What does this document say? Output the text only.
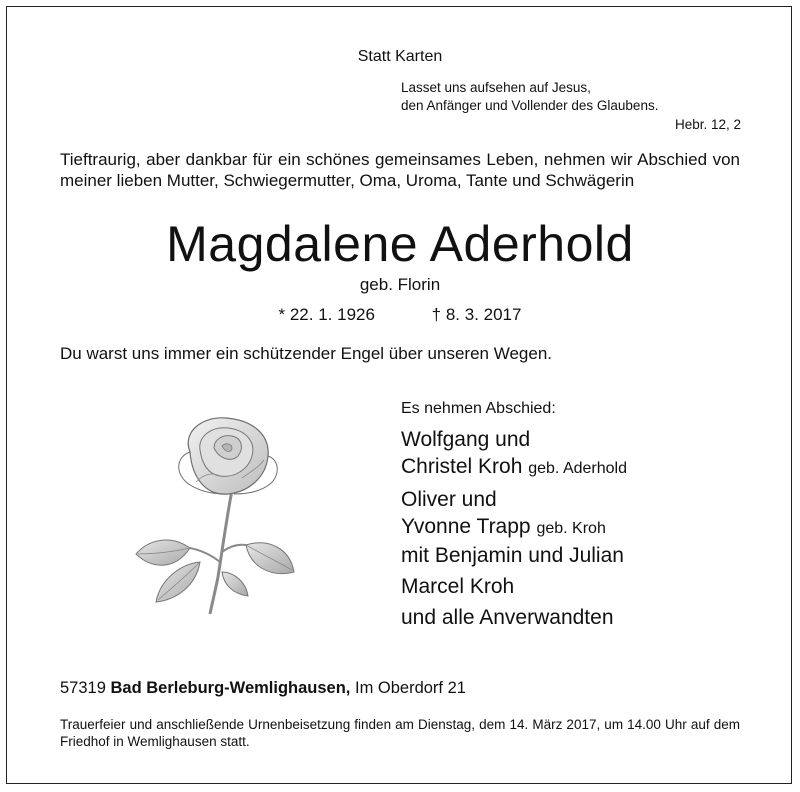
Statt Karten
Lasset uns aufsehen auf Jesus,
den Anfänger und Vollender des Glaubens.
Hebr. 12, 2
Tieftraurig, aber dankbar für ein schönes gemeinsames Leben, nehmen wir Abschied von meiner lieben Mutter, Schwiegermutter, Oma, Uroma, Tante und Schwägerin
Magdalene Aderhold
geb. Florin
* 22. 1. 1926	† 8. 3. 2017
Du warst uns immer ein schützender Engel über unseren Wegen.
Es nehmen Abschied:
Wolfgang und
Christel Kroh geb. Aderhold
Oliver und
Yvonne Trapp geb. Kroh
mit Benjamin und Julian
Marcel Kroh
und alle Anverwandten
57319 Bad Berleburg-Wemlighausen, Im Oberdorf 21
Trauerfeier und anschließende Urnenbeisetzung finden am Dienstag, dem 14. März 2017, um 14.00 Uhr auf dem Friedhof in Wemlighausen statt.
